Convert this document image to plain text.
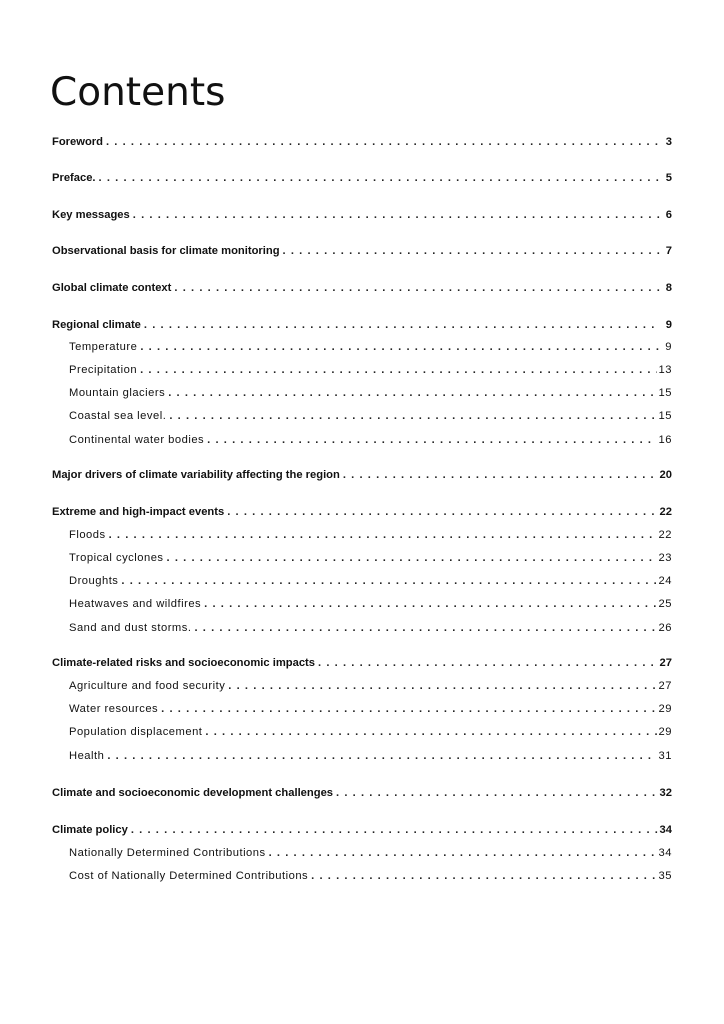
Contents
Foreword . . .	3
Preface. . . .	5
Key messages . . .	6
Observational basis for climate monitoring . . .	7
Global climate context . . .	8
Regional climate . . .	9
Temperature . . .	9
Precipitation . . .	13
Mountain glaciers . . .	15
Coastal sea level. . . .	15
Continental water bodies . . .	16
Major drivers of climate variability affecting the region . . .	20
Extreme and high-impact events . . .	22
Floods . . .	22
Tropical cyclones . . .	23
Droughts . . .	24
Heatwaves and wildfires . . .	25
Sand and dust storms. . . .	26
Climate-related risks and socioeconomic impacts . . .	27
Agriculture and food security . . .	27
Water resources . . .	29
Population displacement . . .	29
Health . . .	31
Climate and socioeconomic development challenges . . .	32
Climate policy . . .	34
Nationally Determined Contributions . . .	34
Cost of Nationally Determined Contributions . . .	35
